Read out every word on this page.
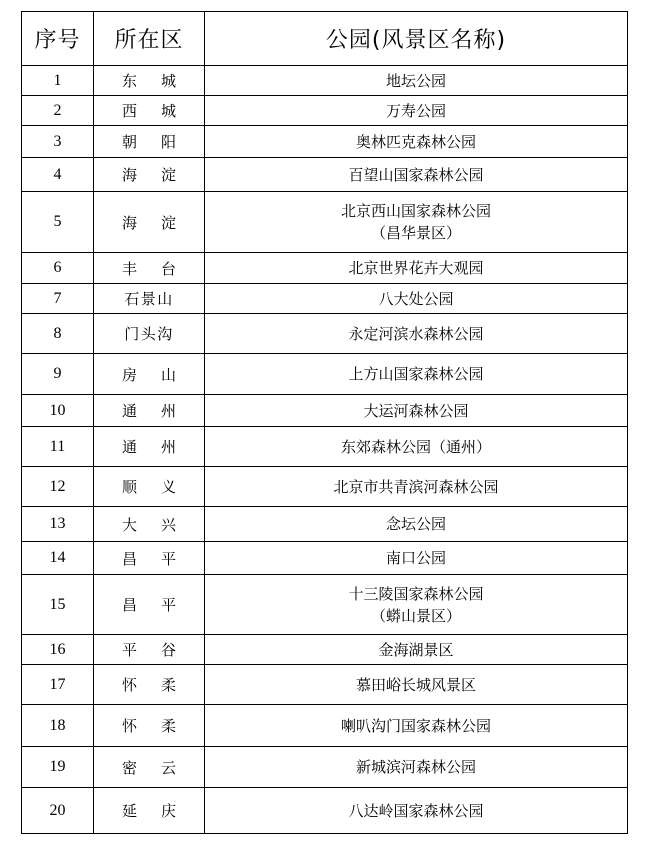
序号	所在区	公园(风景区名称)
1	东城	地坛公园

2	西城	万寿公园

3	朝阳	奥林匹克森林公园

4	海淀	百望山国家森林公园

5	海淀	北京西山国家森林公园
（昌华景区）

6	丰台	北京世界花卉大观园

7	石景山	八大处公园

8	门头沟	永定河滨水森林公园

9	房山	上方山国家森林公园

10	通州	大运河森林公园

11	通州	东郊森林公园（通州）

12	顺义	北京市共青滨河森林公园

13	大兴	念坛公园

14	昌平	南口公园

15	昌平	十三陵国家森林公园
（蟒山景区）

16	平谷	金海湖景区

17	怀柔	慕田峪长城风景区

18	怀柔	喇叭沟门国家森林公园

19	密云	新城滨河森林公园

20	延庆	八达岭国家森林公园
